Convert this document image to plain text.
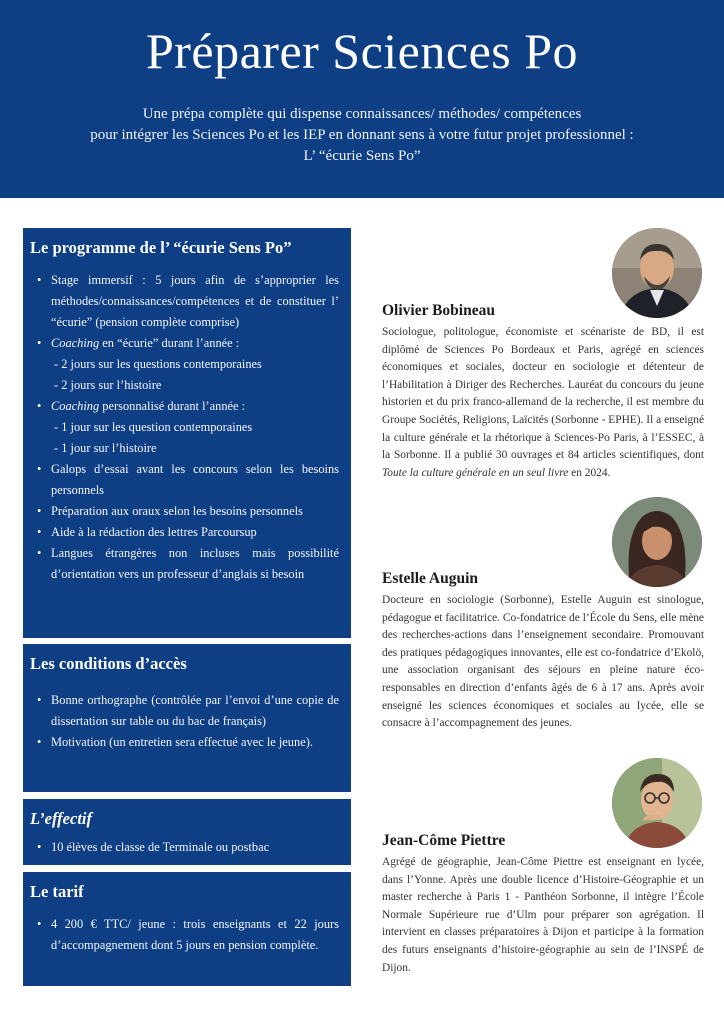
Préparer Sciences Po
Une prépa complète qui dispense connaissances/ méthodes/ compétences
pour intégrer les Sciences Po et les IEP en donnant sens à votre futur projet professionnel :
L’ “écurie Sens Po”
Le programme de l’ “écurie Sens Po”
• Stage immersif : 5 jours afin de s’approprier les méthodes/connaissances/compétences et de constituer l’ “écurie” (pension complète comprise)
• Coaching en “écurie” durant l’année :
- 2 jours sur les questions contemporaines
- 2 jours sur l’histoire
• Coaching personnalisé durant l’année :
- 1 jour sur les question contemporaines
- 1 jour sur l’histoire
• Galops d’essai avant les concours selon les besoins personnels
• Préparation aux oraux selon les besoins personnels
• Aide à la rédaction des lettres Parcoursup
• Langues étrangères non incluses mais possibilité d’orientation vers un professeur d’anglais si besoin
Les conditions d’accès
• Bonne orthographe (contrôlée par l’envoi d’une copie de dissertation sur table ou du bac de français)
• Motivation (un entretien sera effectué avec le jeune).
L’effectif
• 10 élèves de classe de Terminale ou postbac
Le tarif
• 4 200 € TTC/ jeune : trois enseignants et 22 jours d’accompagnement dont 5 jours en pension complète.
Olivier Bobineau

Sociologue, politologue, économiste et scénariste de BD, il est diplômé de Sciences Po Bordeaux et Paris, agrégé en sciences économiques et sociales, docteur en sociologie et détenteur de l’Habilitation à Diriger des Recherches. Lauréat du concours du jeune historien et du prix franco-allemand de la recherche, il est membre du Groupe Sociétés, Religions, Laïcités (Sorbonne - EPHE). Il a enseigné la culture générale et la rhétorique à Sciences-Po Paris, à l’ESSEC, à la Sorbonne. Il a publié 30 ouvrages et 84 articles scientifiques, dont Toute la culture générale en un seul livre en 2024.

Estelle Auguin

Docteure en sociologie (Sorbonne), Estelle Auguin est sinologue, pédagogue et facilitatrice. Co-fondatrice de l’École du Sens, elle mène des recherches-actions dans l’enseignement secondaire. Promouvant des pratiques pédagogiques innovantes, elle est co-fondatrice d’Ekolö, une association organisant des séjours en pleine nature éco-responsables en direction d’enfants âgés de 6 à 17 ans. Après avoir enseigné les sciences économiques et sociales au lycée, elle se consacre à l’accompagnement des jeunes.

Jean-Côme Piettre

Agrégé de géographie, Jean-Côme Piettre est enseignant en lycée, dans l’Yonne. Après une double licence d’Histoire-Géographie et un master recherche à Paris 1 - Panthéon Sorbonne, il intègre l’École Normale Supérieure rue d’Ulm pour préparer son agrégation. Il intervient en classes préparatoires à Dijon et participe à la formation des futurs enseignants d’histoire-géographie au sein de l’INSPÉ de Dijon.
